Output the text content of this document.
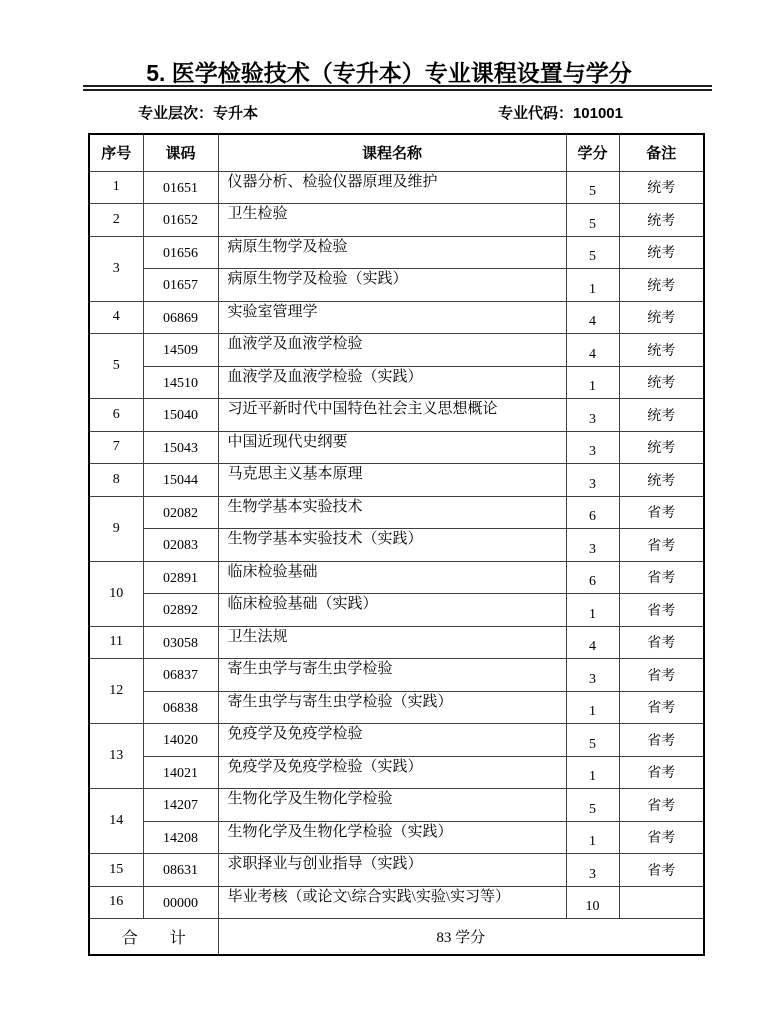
5. 医学检验技术（专升本）专业课程设置与学分
专业层次：专升本	专业代码：101001
序号	课码	课程名称	学分	备注
1	01651	仪器分析、检验仪器原理及维护	5	统考
2	01652	卫生检验	5	统考
3	01656	病原生物学及检验	5	统考
	01657	病原生物学及检验（实践）	1	统考
4	06869	实验室管理学	4	统考
5	14509	血液学及血液学检验	4	统考
	14510	血液学及血液学检验（实践）	1	统考
6	15040	习近平新时代中国特色社会主义思想概论	3	统考
7	15043	中国近现代史纲要	3	统考
8	15044	马克思主义基本原理	3	统考
9	02082	生物学基本实验技术	6	省考
	02083	生物学基本实验技术（实践）	3	省考
10	02891	临床检验基础	6	省考
	02892	临床检验基础（实践）	1	省考
11	03058	卫生法规	4	省考
12	06837	寄生虫学与寄生虫学检验	3	省考
	06838	寄生虫学与寄生虫学检验（实践）	1	省考
13	14020	免疫学及免疫学检验	5	省考
	14021	免疫学及免疫学检验（实践）	1	省考
14	14207	生物化学及生物化学检验	5	省考
	14208	生物化学及生物化学检验（实践）	1	省考
15	08631	求职择业与创业指导（实践）	3	省考
16	00000	毕业考核（或论文\综合实践\实验\实习等）	10	
合　　计		83 学分		
